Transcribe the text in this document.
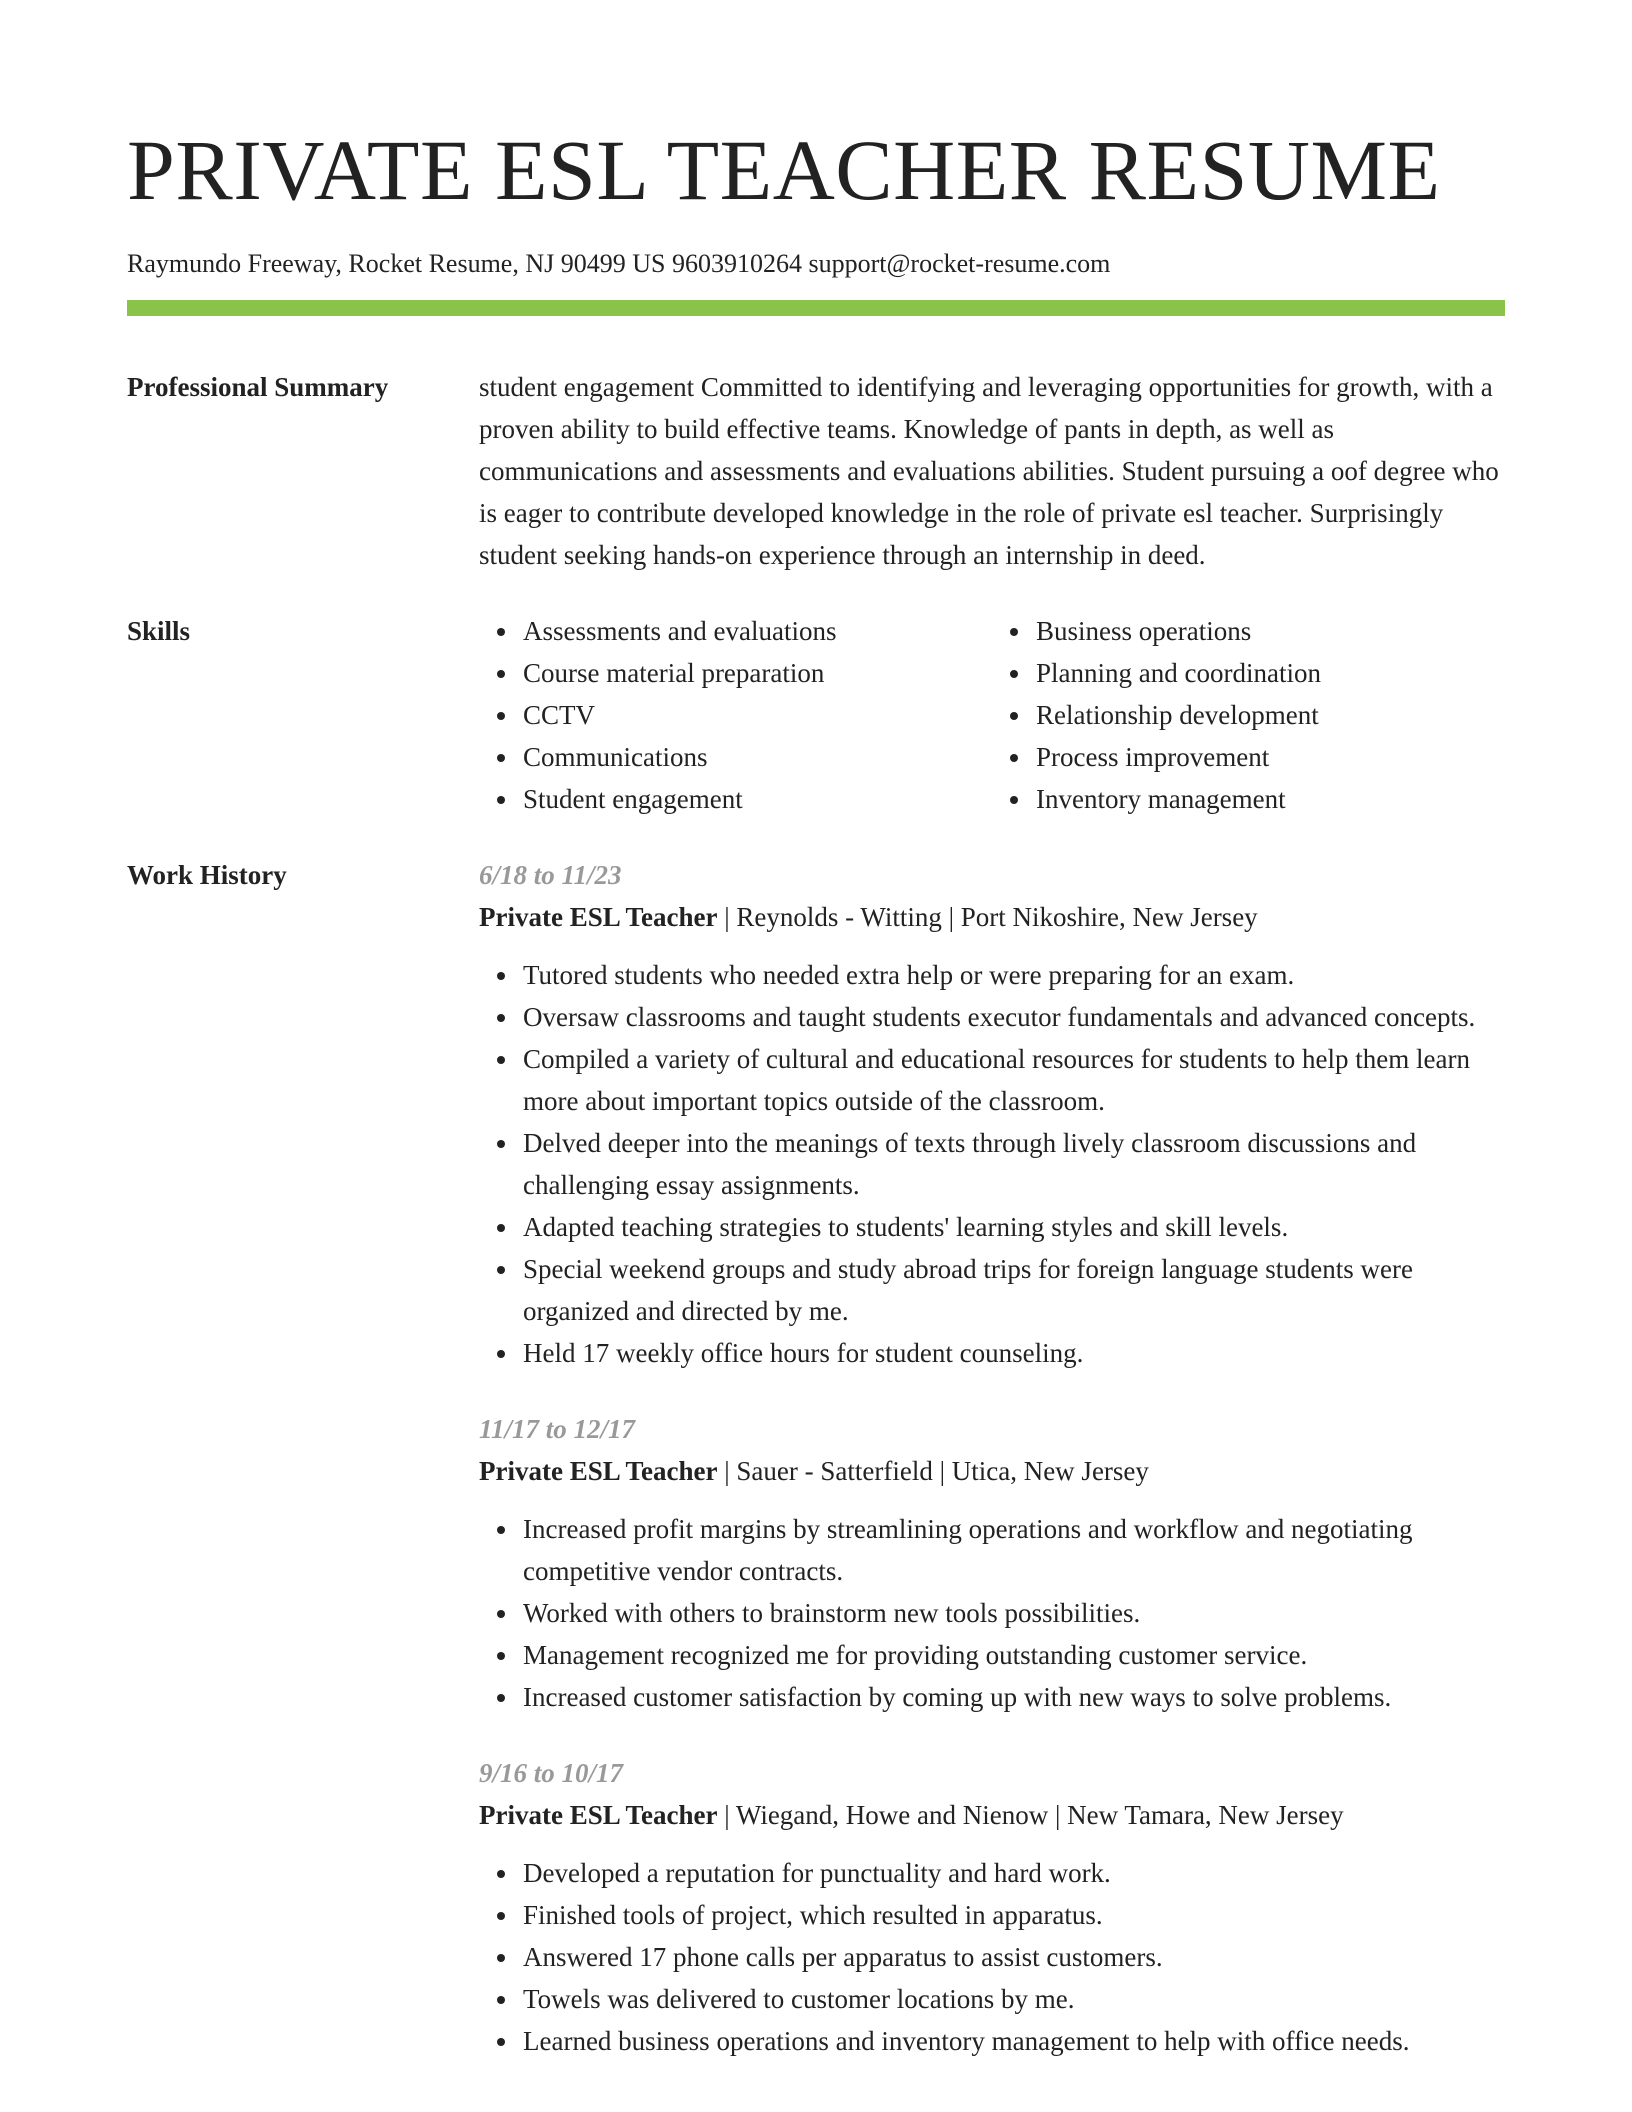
PRIVATE ESL TEACHER RESUME
Raymundo Freeway, Rocket Resume, NJ 90499 US 9603910264 support@rocket-resume.com
Professional Summary	student engagement Committed to identifying and leveraging opportunities for growth, with a proven ability to build effective teams. Knowledge of pants in depth, as well as communications and assessments and evaluations abilities. Student pursuing a oof degree who is eager to contribute developed knowledge in the role of private esl teacher. Surprisingly student seeking hands-on experience through an internship in deed.

Skills	Assessments and evaluations
Course material preparation
CCTV
Communications
Student engagement
Business operations
Planning and coordination
Relationship development
Process improvement
Inventory management
Work History	6/18 to 11/23
Private ESL Teacher | Reynolds - Witting | Port Nikoshire, New Jersey
Tutored students who needed extra help or were preparing for an exam.
Oversaw classrooms and taught students executor fundamentals and advanced concepts.
Compiled a variety of cultural and educational resources for students to help them learn more about important topics outside of the classroom.
Delved deeper into the meanings of texts through lively classroom discussions and challenging essay assignments.
Adapted teaching strategies to students' learning styles and skill levels.
Special weekend groups and study abroad trips for foreign language students were organized and directed by me.
Held 17 weekly office hours for student counseling.
11/17 to 12/17
Private ESL Teacher | Sauer - Satterfield | Utica, New Jersey
Increased profit margins by streamlining operations and workflow and negotiating competitive vendor contracts.
Worked with others to brainstorm new tools possibilities.
Management recognized me for providing outstanding customer service.
Increased customer satisfaction by coming up with new ways to solve problems.
9/16 to 10/17
Private ESL Teacher | Wiegand, Howe and Nienow | New Tamara, New Jersey
Developed a reputation for punctuality and hard work.
Finished tools of project, which resulted in apparatus.
Answered 17 phone calls per apparatus to assist customers.
Towels was delivered to customer locations by me.
Learned business operations and inventory management to help with office needs.
